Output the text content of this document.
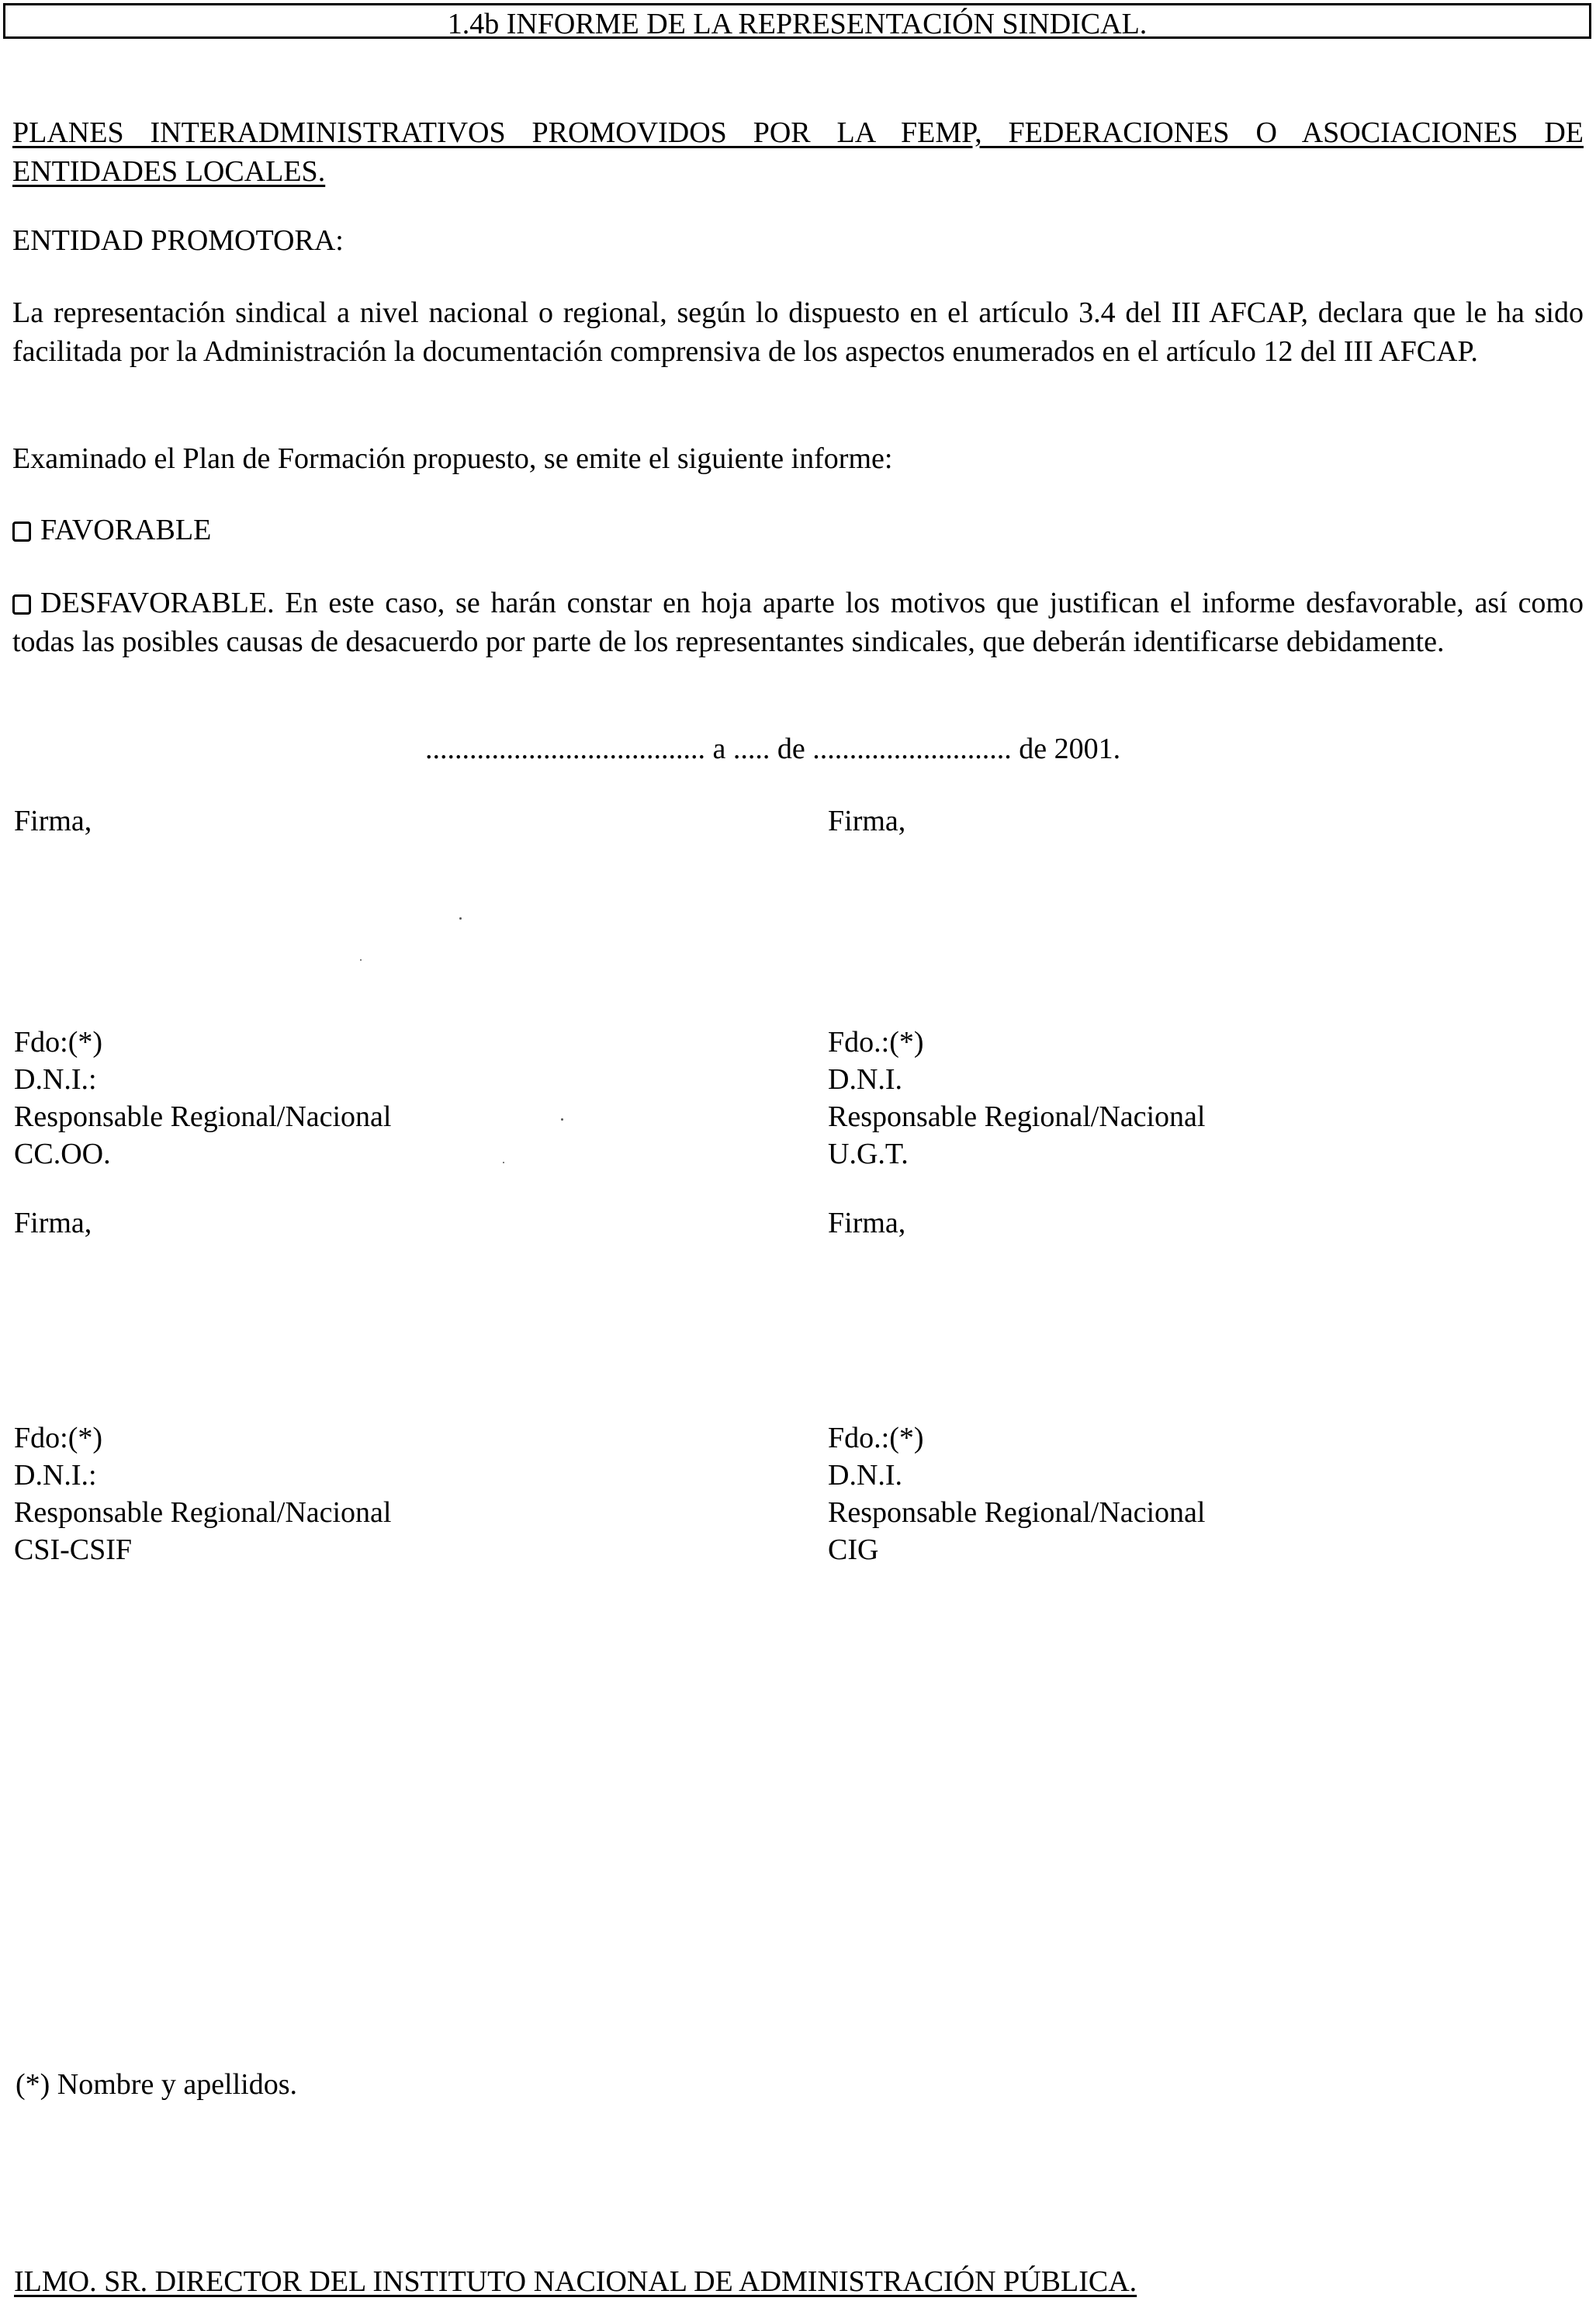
1.4b INFORME DE LA REPRESENTACIÓN SINDICAL.
PLANES INTERADMINISTRATIVOS PROMOVIDOS POR LA FEMP, FEDERACIONES O ASOCIACIONES DE ENTIDADES LOCALES.
ENTIDAD PROMOTORA:
La representación sindical a nivel nacional o regional, según lo dispuesto en el artículo 3.4 del III AFCAP, declara que le ha sido facilitada por la Administración la documentación comprensiva de los aspectos enumerados en el artículo 12 del III AFCAP.
Examinado el Plan de Formación propuesto, se emite el siguiente informe:
FAVORABLE
DESFAVORABLE. En este caso, se harán constar en hoja aparte los motivos que justifican el informe desfavorable, así como todas las posibles causas de desacuerdo por parte de los representantes sindicales, que deberán identificarse debidamente.
...................................... a ..... de ........................... de 2001.
Firma,	Firma,
Fdo:(*)
D.N.I.:
Responsable Regional/Nacional
CC.OO.
Fdo.:(*)
D.N.I.
Responsable Regional/Nacional
U.G.T.
Firma,	Firma,
Fdo:(*)
D.N.I.:
Responsable Regional/Nacional
CSI-CSIF
Fdo.:(*)
D.N.I.
Responsable Regional/Nacional
CIG
(*) Nombre y apellidos.
ILMO. SR. DIRECTOR DEL INSTITUTO NACIONAL DE ADMINISTRACIÓN PÚBLICA.
